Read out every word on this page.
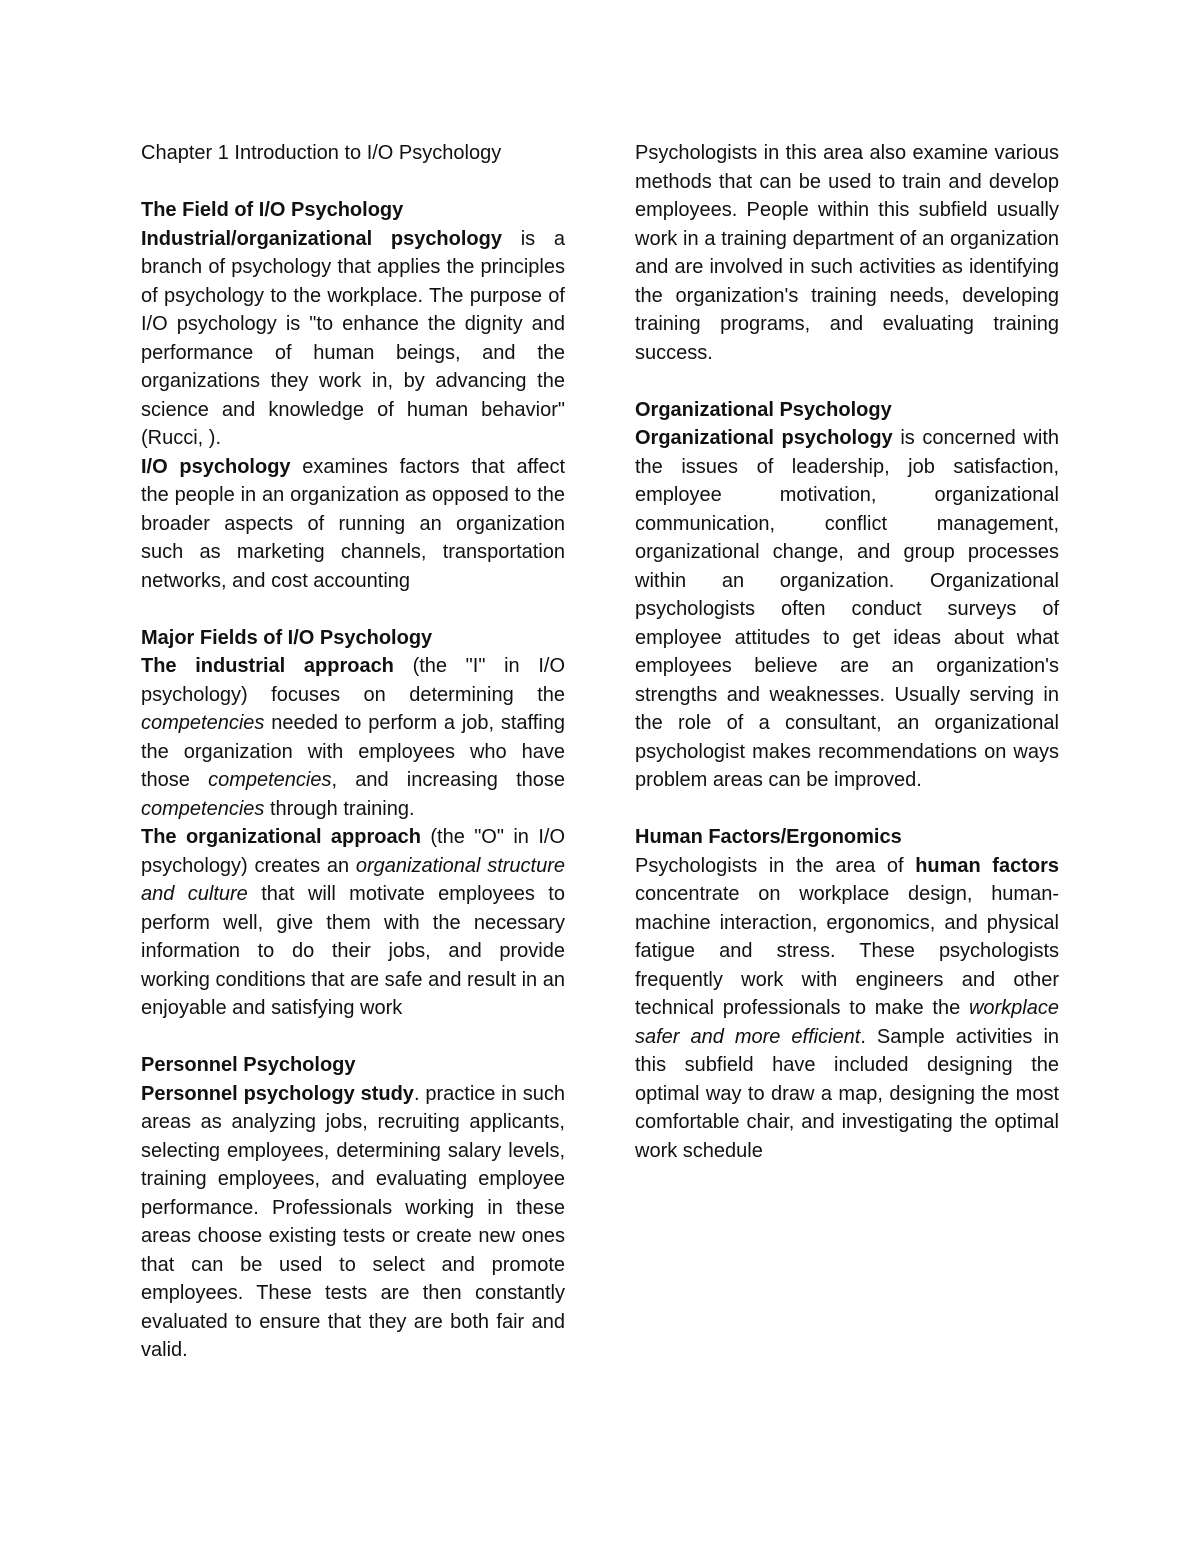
Chapter 1 Introduction to I/O Psychology

The Field of I/O Psychology

Industrial/organizational psychology is a branch of psychology that applies the principles of psychology to the workplace. The purpose of I/O psychology is "to enhance the dignity and performance of human beings, and the organizations they work in, by advancing the science and knowledge of human behavior" (Rucci, ).

I/O psychology examines factors that affect the people in an organization as opposed to the broader aspects of running an organization such as marketing channels, transportation networks, and cost accounting

Major Fields of I/O Psychology

The industrial approach (the "I" in I/O psychology) focuses on determining the competencies needed to perform a job, staffing the organization with employees who have those competencies, and increasing those competencies through training.

The organizational approach (the "O" in I/O psychology) creates an organizational structure and culture that will motivate employees to perform well, give them with the necessary information to do their jobs, and provide working conditions that are safe and result in an enjoyable and satisfying work

Personnel Psychology

Personnel psychology study. practice in such areas as analyzing jobs, recruiting applicants, selecting employees, determining salary levels, training employees, and evaluating employee performance. Professionals working in these areas choose existing tests or create new ones that can be used to select and promote employees. These tests are then constantly evaluated to ensure that they are both fair and valid.

Psychologists in this area also examine various methods that can be used to train and develop employees. People within this subfield usually work in a training department of an organization and are involved in such activities as identifying the organization's training needs, developing training programs, and evaluating training success.

Organizational Psychology

Organizational psychology is concerned with the issues of leadership, job satisfaction, employee motivation, organizational communication, conflict management, organizational change, and group processes within an organization. Organizational psychologists often conduct surveys of employee attitudes to get ideas about what employees believe are an organization's strengths and weaknesses. Usually serving in the role of a consultant, an organizational psychologist makes recommendations on ways problem areas can be improved.

Human Factors/Ergonomics

Psychologists in the area of human factors concentrate on workplace design, human-machine interaction, ergonomics, and physical fatigue and stress. These psychologists frequently work with engineers and other technical professionals to make the workplace safer and more efficient. Sample activities in this subfield have included designing the optimal way to draw a map, designing the most comfortable chair, and investigating the optimal work schedule
